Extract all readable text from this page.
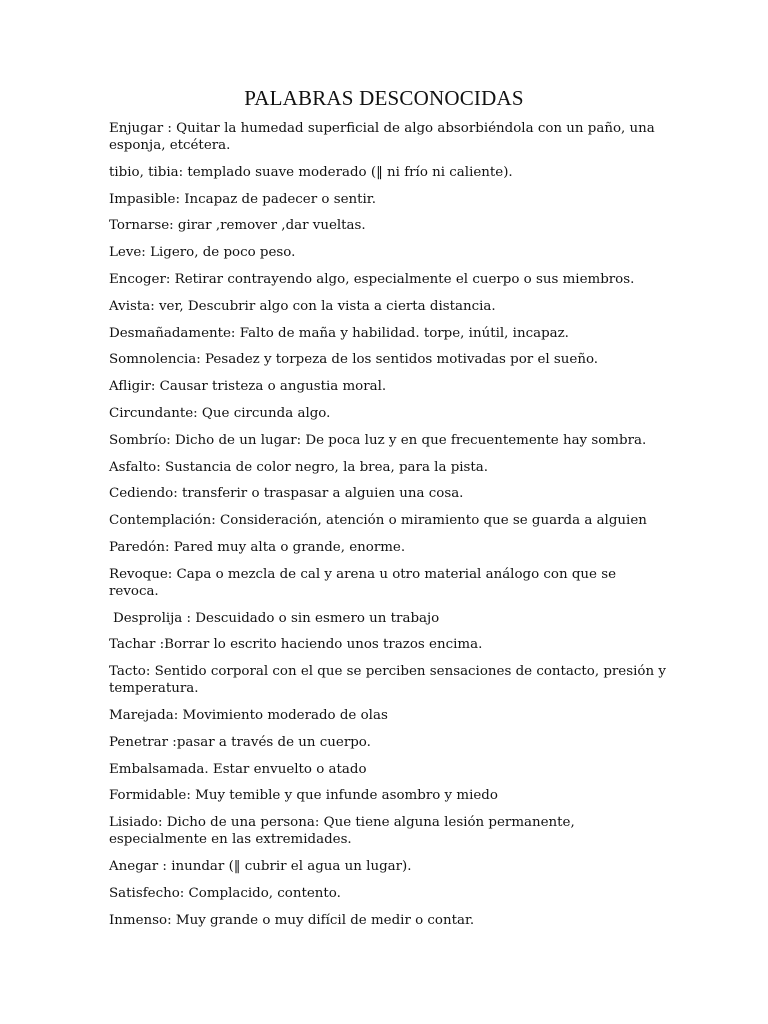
PALABRAS DESCONOCIDAS

Enjugar : Quitar la humedad superficial de algo absorbiéndola con un paño, una esponja, etcétera.

tibio, tibia: templado suave moderado (‖ ni frío ni caliente).

Impasible: Incapaz de padecer o sentir.

Tornarse: girar ,remover ,dar vueltas.

Leve: Ligero, de poco peso.

Encoger: Retirar contrayendo algo, especialmente el cuerpo o sus miembros.

Avista: ver, Descubrir algo con la vista a cierta distancia.

Desmañadamente: Falto de maña y habilidad. torpe, inútil, incapaz.

Somnolencia: Pesadez y torpeza de los sentidos motivadas por el sueño.

Afligir: Causar tristeza o angustia moral.

Circundante: Que circunda algo.

Sombrío: Dicho de un lugar: De poca luz y en que frecuentemente hay sombra.

Asfalto: Sustancia de color negro, la brea, para la pista.

Cediendo: transferir o traspasar a alguien una cosa.

Contemplación: Consideración, atención o miramiento que se guarda a alguien

Paredón: Pared muy alta o grande, enorme.

Revoque: Capa o mezcla de cal y arena u otro material análogo con que se revoca.

Desprolija : Descuidado o sin esmero un trabajo

Tachar :Borrar lo escrito haciendo unos trazos encima.

Tacto: Sentido corporal con el que se perciben sensaciones de contacto, presión y temperatura.

Marejada: Movimiento moderado de olas

Penetrar :pasar a través de un cuerpo.

Embalsamada. Estar envuelto o atado

Formidable: Muy temible y que infunde asombro y miedo

Lisiado: Dicho de una persona: Que tiene alguna lesión permanente, especialmente en las extremidades.

Anegar : inundar (‖ cubrir el agua un lugar).

Satisfecho: Complacido, contento.

Inmenso: Muy grande o muy difícil de medir o contar.
